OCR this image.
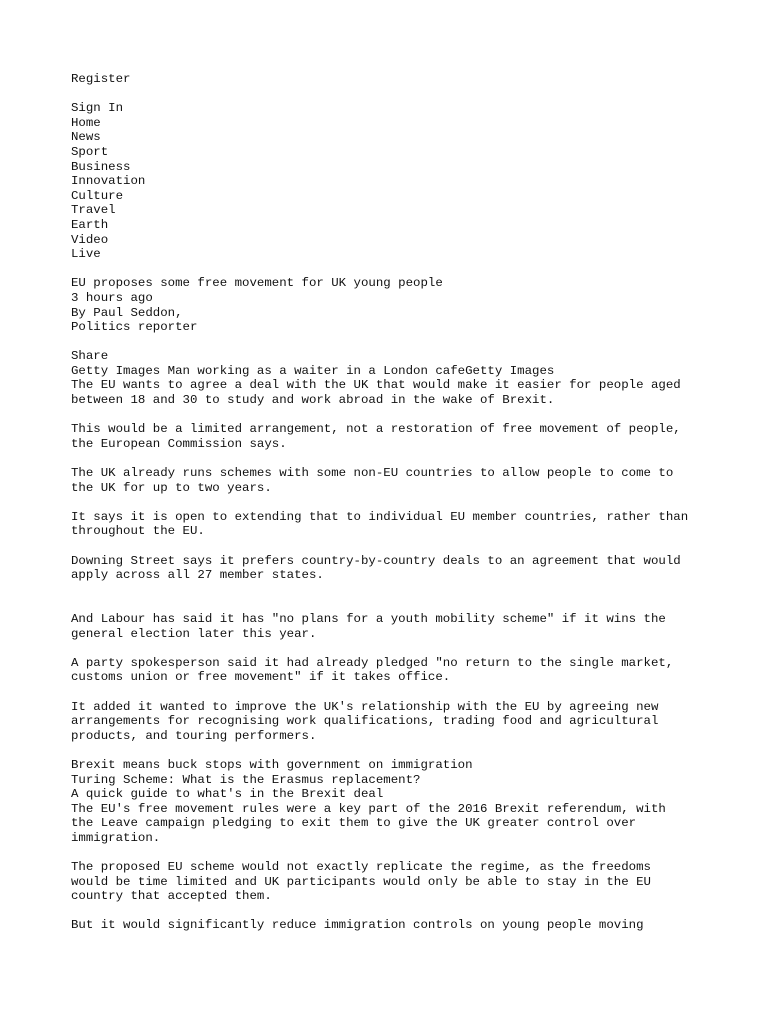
Register
Sign In
Home
News
Sport
Business
Innovation
Culture
Travel
Earth
Video
Live
EU proposes some free movement for UK young people
3 hours ago
By Paul Seddon,
Politics reporter
Share
Getty Images Man working as a waiter in a London cafeGetty Images
The EU wants to agree a deal with the UK that would make it easier for people aged
between 18 and 30 to study and work abroad in the wake of Brexit.
This would be a limited arrangement, not a restoration of free movement of people,
the European Commission says.
The UK already runs schemes with some non-EU countries to allow people to come to
the UK for up to two years.
It says it is open to extending that to individual EU member countries, rather than
throughout the EU.
Downing Street says it prefers country-by-country deals to an agreement that would
apply across all 27 member states.
And Labour has said it has "no plans for a youth mobility scheme" if it wins the
general election later this year.
A party spokesperson said it had already pledged "no return to the single market,
customs union or free movement" if it takes office.
It added it wanted to improve the UK's relationship with the EU by agreeing new
arrangements for recognising work qualifications, trading food and agricultural
products, and touring performers.
Brexit means buck stops with government on immigration
Turing Scheme: What is the Erasmus replacement?
A quick guide to what's in the Brexit deal
The EU's free movement rules were a key part of the 2016 Brexit referendum, with
the Leave campaign pledging to exit them to give the UK greater control over
immigration.
The proposed EU scheme would not exactly replicate the regime, as the freedoms
would be time limited and UK participants would only be able to stay in the EU
country that accepted them.
But it would significantly reduce immigration controls on young people moving
